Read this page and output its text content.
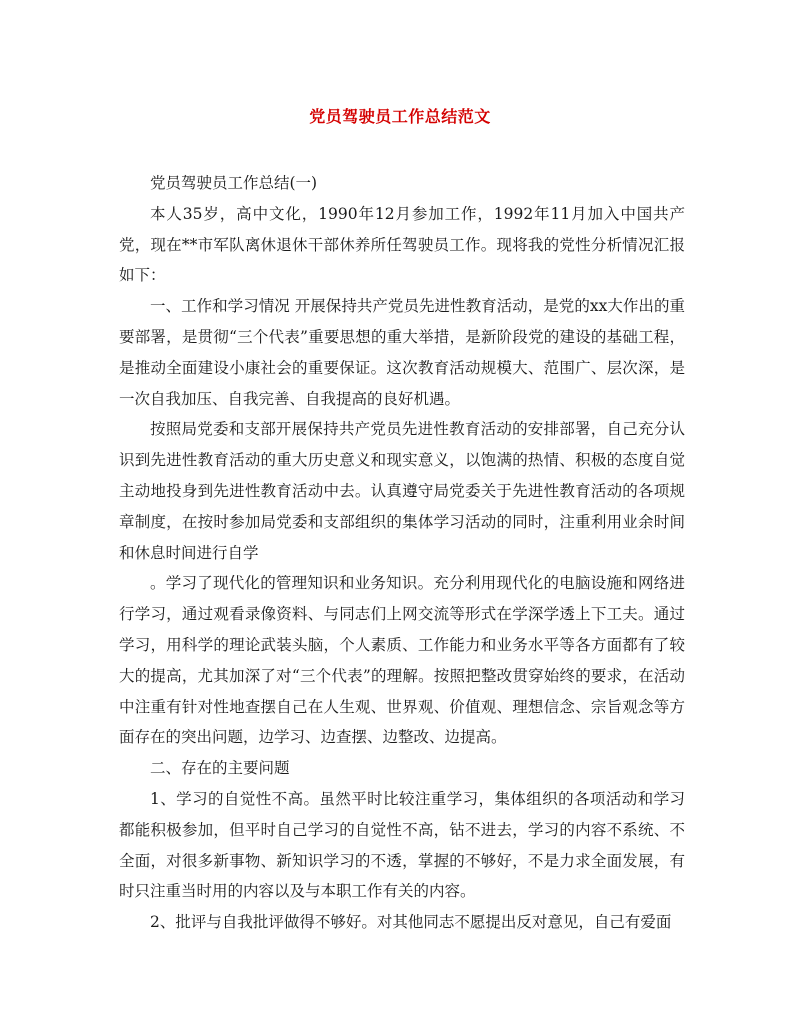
党员驾驶员工作总结范文

党员驾驶员工作总结(一)

本人35岁，高中文化，1990年12月参加工作，1992年11月加入中国共产党，现在**市军队离休退休干部休养所任驾驶员工作。现将我的党性分析情况汇报如下：

一、工作和学习情况 开展保持共产党员先进性教育活动，是党的xx大作出的重要部署，是贯彻“三个代表”重要思想的重大举措，是新阶段党的建设的基础工程，是推动全面建设小康社会的重要保证。这次教育活动规模大、范围广、层次深，是一次自我加压、自我完善、自我提高的良好机遇。

按照局党委和支部开展保持共产党员先进性教育活动的安排部署，自己充分认识到先进性教育活动的重大历史意义和现实意义，以饱满的热情、积极的态度自觉主动地投身到先进性教育活动中去。认真遵守局党委关于先进性教育活动的各项规章制度，在按时参加局党委和支部组织的集体学习活动的同时，注重利用业余时间和休息时间进行自学

。学习了现代化的管理知识和业务知识。充分利用现代化的电脑设施和网络进行学习，通过观看录像资料、与同志们上网交流等形式在学深学透上下工夫。通过学习，用科学的理论武装头脑，个人素质、工作能力和业务水平等各方面都有了较大的提高，尤其加深了对“三个代表”的理解。按照把整改贯穿始终的要求，在活动中注重有针对性地查摆自己在人生观、世界观、价值观、理想信念、宗旨观念等方面存在的突出问题，边学习、边查摆、边整改、边提高。

二、存在的主要问题

1、学习的自觉性不高。虽然平时比较注重学习，集体组织的各项活动和学习都能积极参加，但平时自己学习的自觉性不高，钻不进去，学习的内容不系统、不全面，对很多新事物、新知识学习的不透，掌握的不够好，不是力求全面发展，有时只注重当时用的内容以及与本职工作有关的内容。

2、批评与自我批评做得不够好。对其他同志不愿提出反对意见，自己有爱面
